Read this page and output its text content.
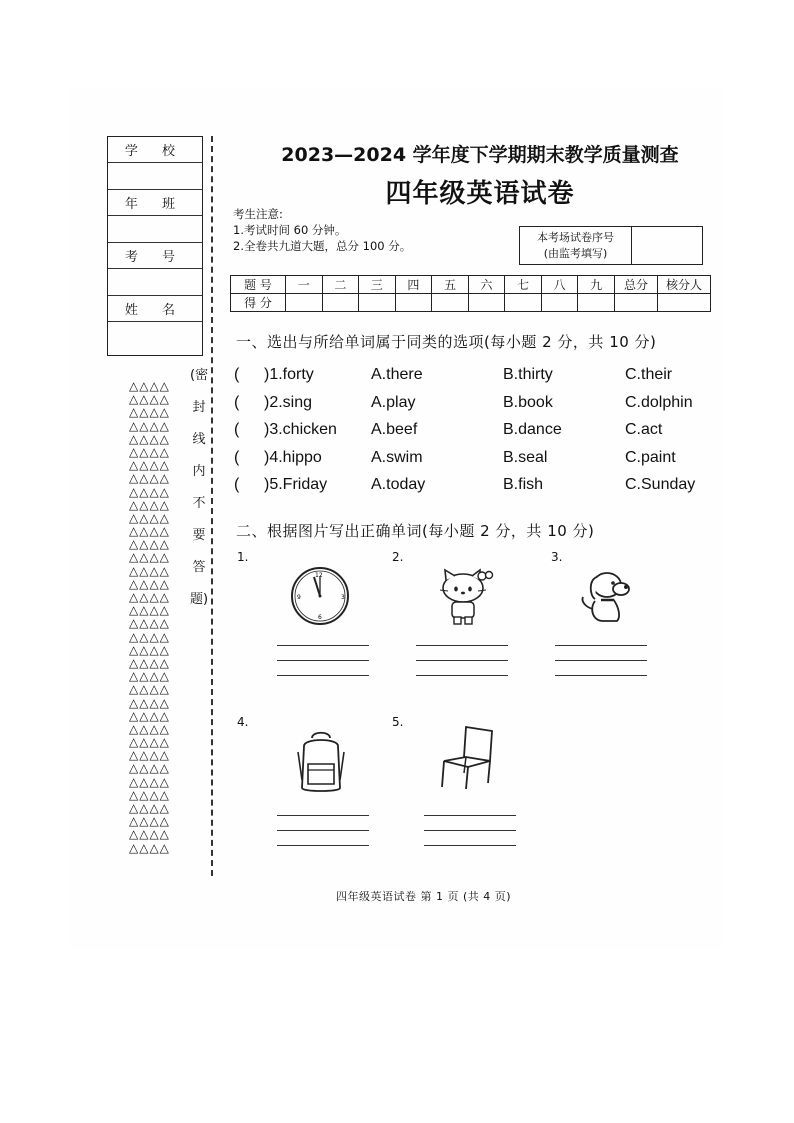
学 校
年 班
考 号
姓 名
△△△△
△△△△
△△△△
△△△△
△△△△
△△△△
△△△△
△△△△
△△△△
△△△△
△△△△
△△△△
△△△△
△△△△
△△△△
△△△△
△△△△
△△△△
△△△△
△△△△
△△△△
△△△△
△△△△
△△△△
△△△△
△△△△
△△△△
△△△△
△△△△
△△△△
△△△△
△△△△
△△△△
△△△△
△△△△
△△△△
(密
封
线
内
不
要
答
题)
2023—2024 学年度下学期期末教学质量测查
四年级英语试卷
考生注意:
1.考试时间 60 分钟。
2.全卷共九道大题，总分 100 分。
本考场试卷序号
(由监考填写)
题 号	一	二	三	四	五	六	七	八	九	总分	核分人
得 分											
一、选出与所给单词属于同类的选项(每小题 2 分，共 10 分)
( )1.forty	A.there	B.thirty	C.their
( )2.sing	A.play	B.book	C.dolphin
( )3.chicken A.beef	B.dance	C.act
( )4.hippo	A.swim	B.seal	C.paint
( )5.Friday	A.today	B.fish	C.Sunday
二、根据图片写出正确单词(每小题 2 分，共 10 分)
1.
12
3
6
9
2.	3.
4.	5.
四年级英语试卷 第 1 页 (共 4 页)
